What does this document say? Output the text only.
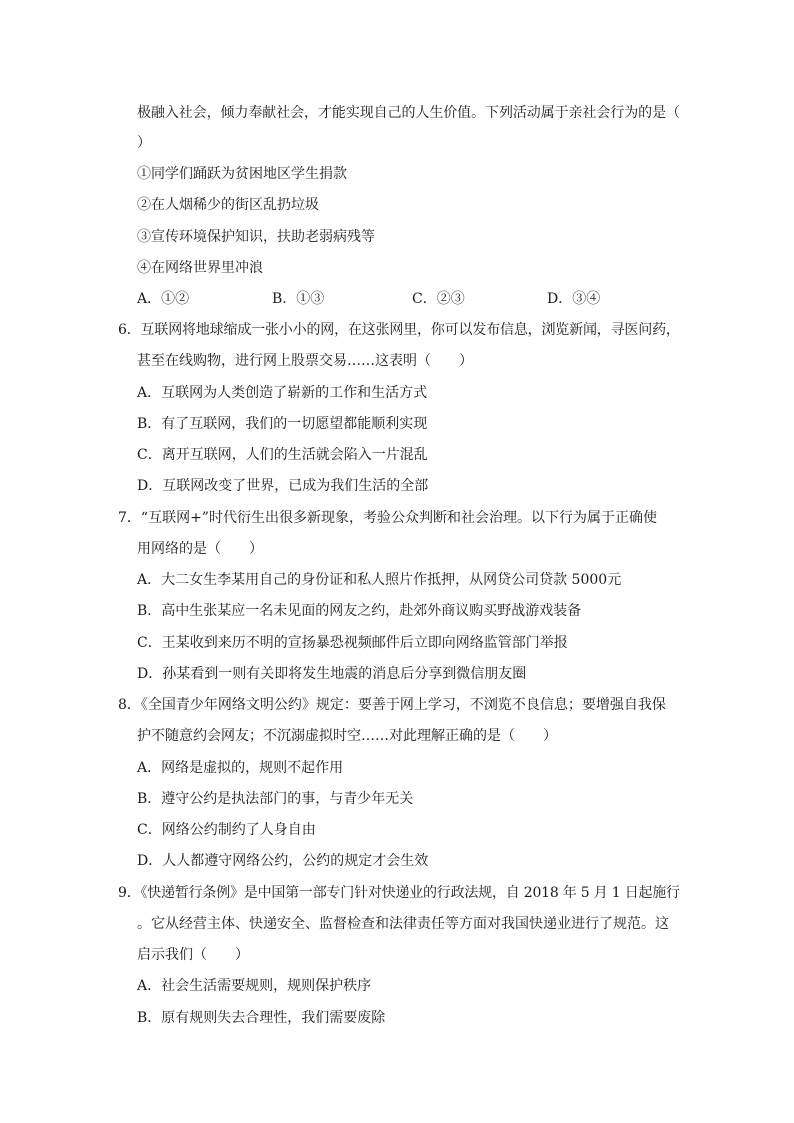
极融入社会，倾力奉献社会，才能实现自己的人生价值。下列活动属于亲社会行为的是（
）
①同学们踊跃为贫困地区学生捐款
②在人烟稀少的街区乱扔垃圾
③宣传环境保护知识，扶助老弱病残等
④在网络世界里冲浪
A．①②	B．①③	C．②③	D．③④
6．互联网将地球缩成一张小小的网，在这张网里，你可以发布信息，浏览新闻，寻医问药，
甚至在线购物，进行网上股票交易……这表明（　　）
A．互联网为人类创造了崭新的工作和生活方式
B．有了互联网，我们的一切愿望都能顺利实现
C．离开互联网，人们的生活就会陷入一片混乱
D．互联网改变了世界，已成为我们生活的全部
7．“互联网+”时代衍生出很多新现象，考验公众判断和社会治理。以下行为属于正确使
用网络的是（　　）
A．大二女生李某用自己的身份证和私人照片作抵押，从网贷公司贷款 5000元
B．高中生张某应一名未见面的网友之约，赴郊外商议购买野战游戏装备
C．王某收到来历不明的宣扬暴恐视频邮件后立即向网络监管部门举报
D．孙某看到一则有关即将发生地震的消息后分享到微信朋友圈
8．《全国青少年网络文明公约》规定：要善于网上学习，不浏览不良信息；要增强自我保
护不随意约会网友；不沉溺虚拟时空……对此理解正确的是（　　）
A．网络是虚拟的，规则不起作用
B．遵守公约是执法部门的事，与青少年无关
C．网络公约制约了人身自由
D．人人都遵守网络公约，公约的规定才会生效
9．《快递暂行条例》是中国第一部专门针对快递业的行政法规，自 2018 年 5 月 1 日起施行
。它从经营主体、快递安全、监督检查和法律责任等方面对我国快递业进行了规范。这
启示我们（　　）
A．社会生活需要规则，规则保护秩序
B．原有规则失去合理性，我们需要废除
